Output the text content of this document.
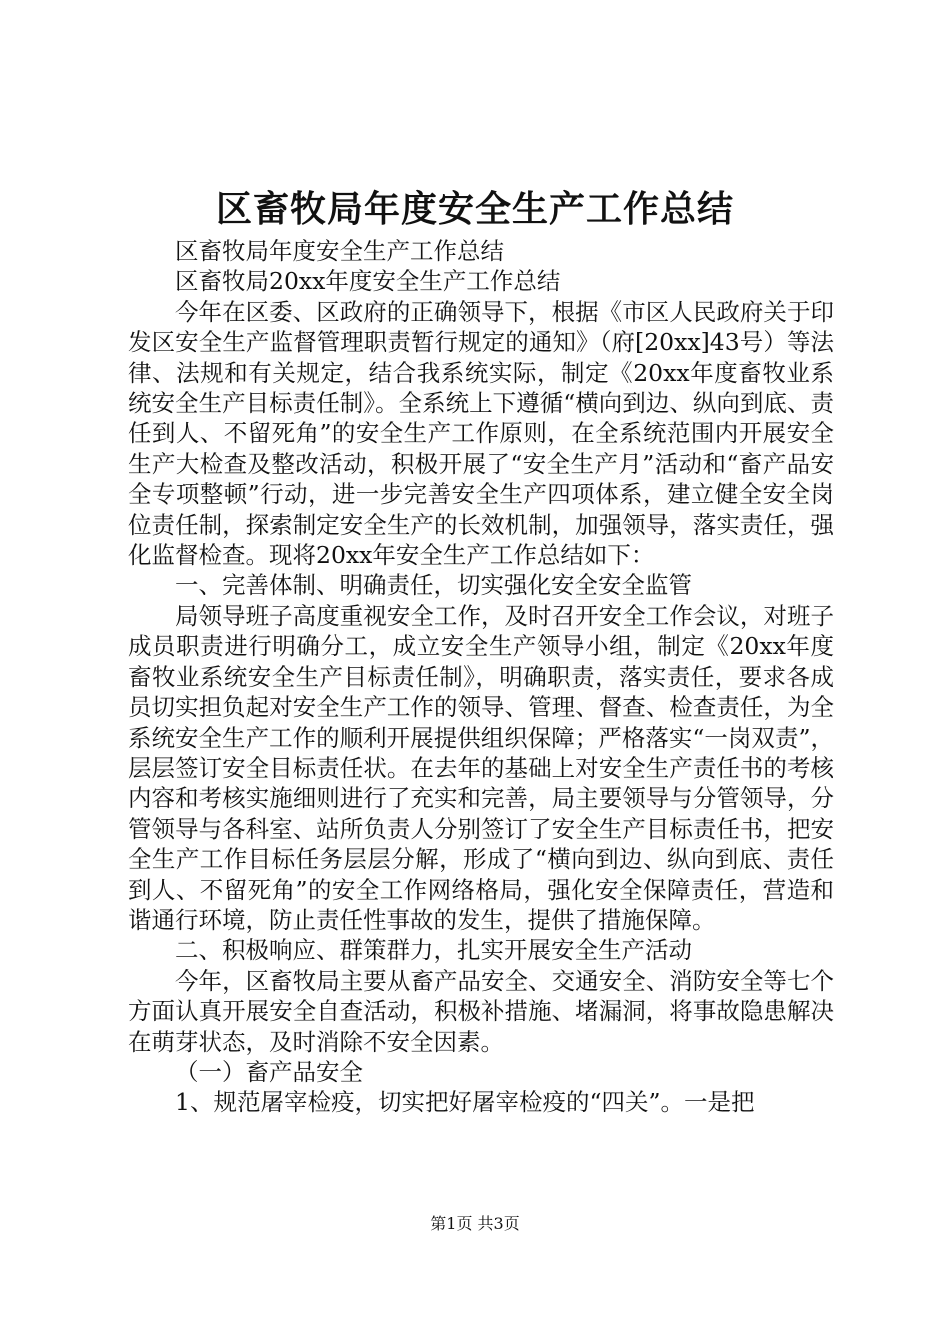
区畜牧局年度安全生产工作总结

区畜牧局年度安全生产工作总结

区畜牧局20xx年度安全生产工作总结

今年在区委、区政府的正确领导下，根据《市区人民政府关于印发区安全生产监督管理职责暂行规定的通知》（府[20xx]43号）等法律、法规和有关规定，结合我系统实际，制定《20xx年度畜牧业系统安全生产目标责任制》。全系统上下遵循“横向到边、纵向到底、责任到人、不留死角”的安全生产工作原则，在全系统范围内开展安全生产大检查及整改活动，积极开展了“安全生产月”活动和“畜产品安全专项整顿”行动，进一步完善安全生产四项体系，建立健全安全岗位责任制，探索制定安全生产的长效机制，加强领导，落实责任，强化监督检查。现将20xx年安全生产工作总结如下：

一、完善体制、明确责任，切实强化安全安全监管

局领导班子高度重视安全工作，及时召开安全工作会议，对班子成员职责进行明确分工，成立安全生产领导小组，制定《20xx年度畜牧业系统安全生产目标责任制》，明确职责，落实责任，要求各成员切实担负起对安全生产工作的领导、管理、督查、检查责任，为全系统安全生产工作的顺利开展提供组织保障；严格落实“一岗双责”，层层签订安全目标责任状。在去年的基础上对安全生产责任书的考核内容和考核实施细则进行了充实和完善，局主要领导与分管领导，分管领导与各科室、站所负责人分别签订了安全生产目标责任书，把安全生产工作目标任务层层分解，形成了“横向到边、纵向到底、责任到人、不留死角”的安全工作网络格局，强化安全保障责任，营造和谐通行环境，防止责任性事故的发生，提供了措施保障。

二、积极响应、群策群力，扎实开展安全生产活动

今年，区畜牧局主要从畜产品安全、交通安全、消防安全等七个方面认真开展安全自查活动，积极补措施、堵漏洞，将事故隐患解决在萌芽状态，及时消除不安全因素。

（一）畜产品安全

1、规范屠宰检疫，切实把好屠宰检疫的“四关”。一是把

第1页 共3页
